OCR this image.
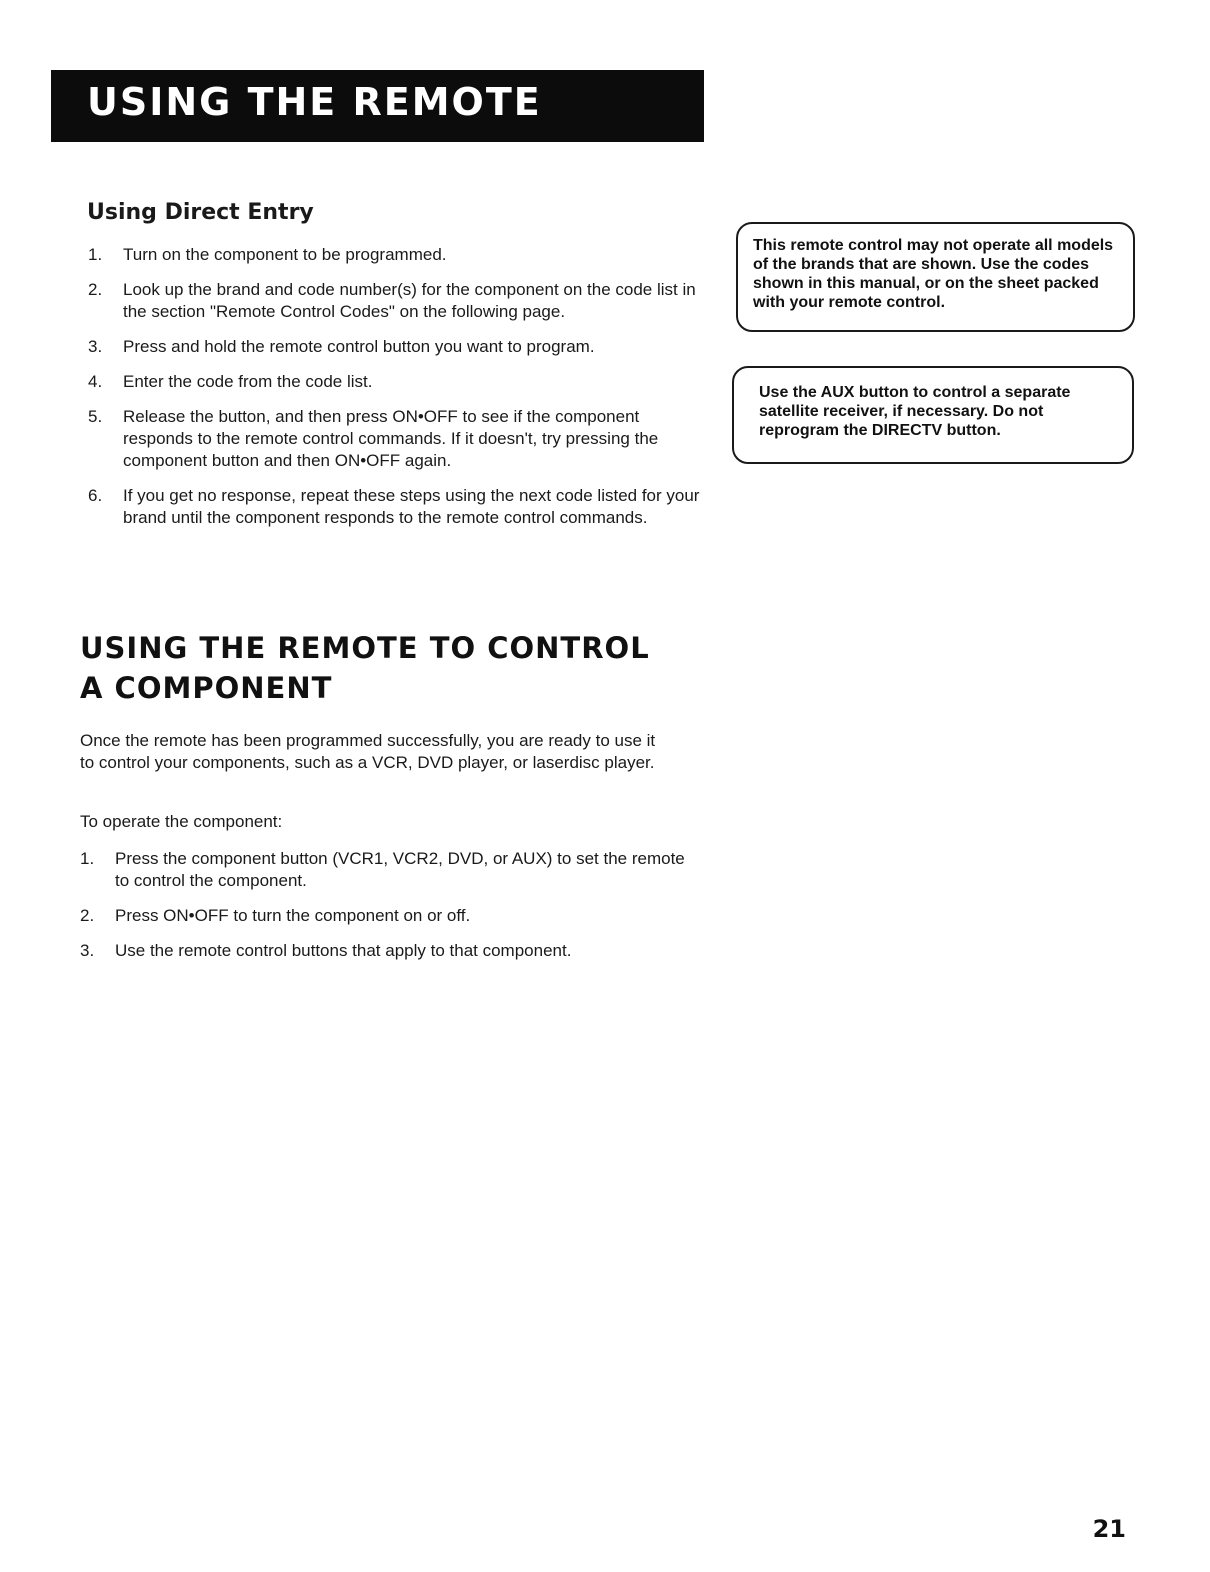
USING THE REMOTE
Using Direct Entry
1. Turn on the component to be programmed.
2. Look up the brand and code number(s) for the component on the code list in the section "Remote Control Codes" on the following page.
3. Press and hold the remote control button you want to program.
4. Enter the code from the code list.
5. Release the button, and then press ON•OFF to see if the component responds to the remote control commands. If it doesn't, try pressing the component button and then ON•OFF again.
6. If you get no response, repeat these steps using the next code listed for your brand until the component responds to the remote control commands.
This remote control may not operate all models of the brands that are shown. Use the codes shown in this manual, or on the sheet packed with your remote control.
Use the AUX button to control a separate satellite receiver, if necessary. Do not reprogram the DIRECTV button.
USING THE REMOTE TO CONTROL A COMPONENT

Once the remote has been programmed successfully, you are ready to use it to control your components, such as a VCR, DVD player, or laserdisc player.

To operate the component:

1. Press the component button (VCR1, VCR2, DVD, or AUX) to set the remote to control the component.
2. Press ON•OFF to turn the component on or off.
3. Use the remote control buttons that apply to that component.
21
